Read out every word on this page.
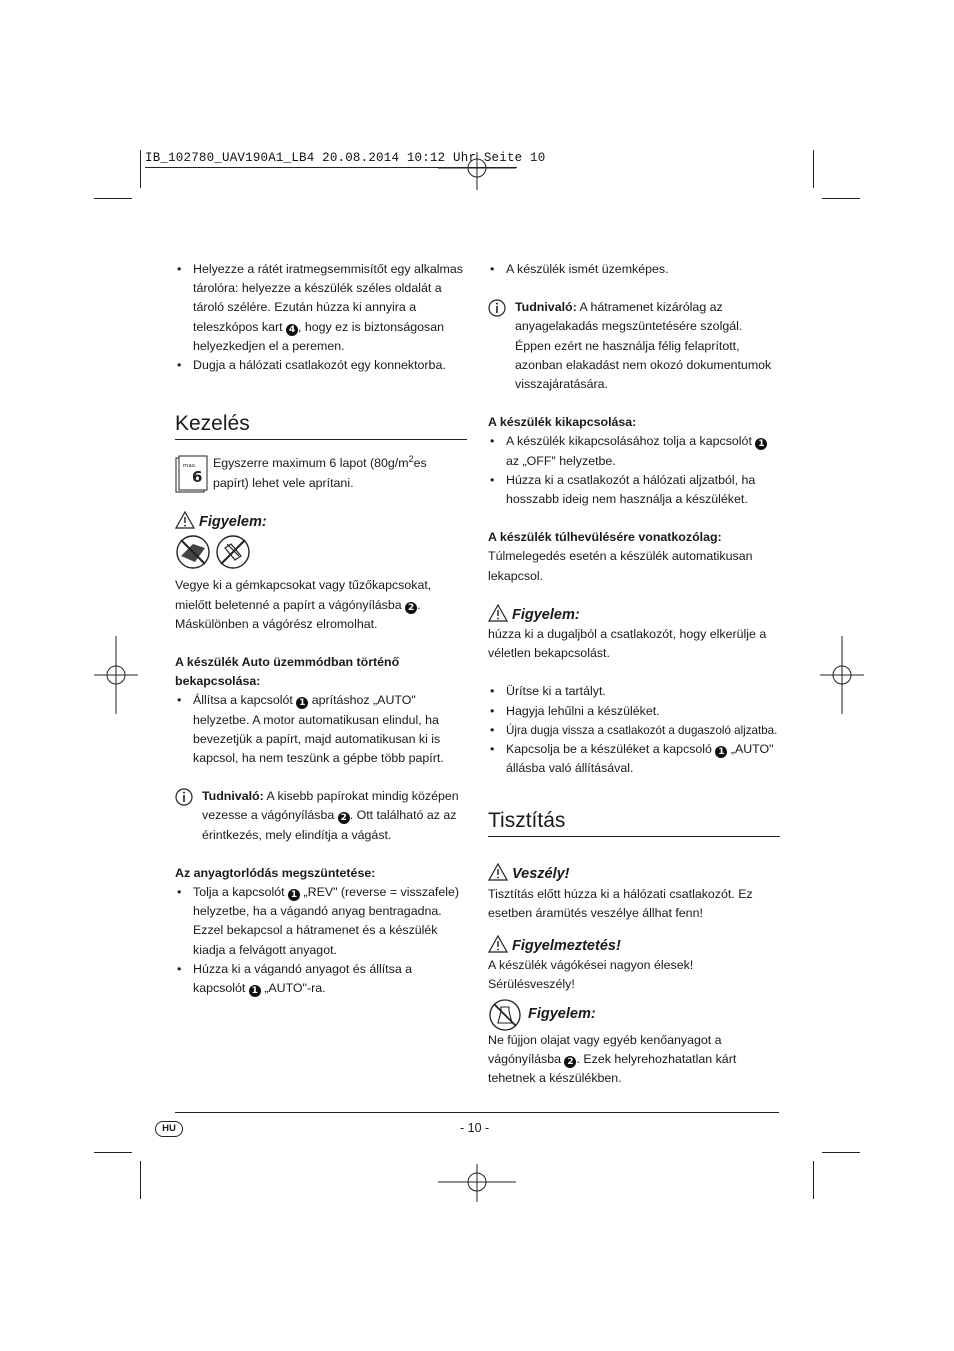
IB_102780_UAV190A1_LB4 20.08.2014 10:12 Uhr Seite 10
• Helyezze a rátét iratmegsemmisítőt egy alkalmas tárolóra: helyezze a készülék széles oldalát a tároló szélére. Ezután húzza ki annyira a teleszkópos kart 4 , hogy ez is biztonságosan helyezkedjen el a peremen.
• Dugja a hálózati csatlakozót egy konnektorba.
Kezelés
max.
6
Egyszerre maximum 6 lapot ($80g/m^2es$ papírt) lehet vele aprítani.
Figyelem:
Vegye ki a gémkapcsokat vagy tűzőkapcsokat, mielőtt beletenné a papírt a vágónyílásba 2 . Máskülönben a vágórész elromolhat.
A készülék Auto üzemmódban történő bekapcsolása:
• Állítsa a kapcsolót 1 aprításhoz „AUTO" helyzetbe. A motor automatikusan elindul, ha bevezetjük a papírt, majd automatikusan ki is kapcsol, ha nem teszünk a gépbe több papírt.
Tudnivaló: A kisebb papírokat mindig középen vezesse a vágónyílásba 2 . Ott található az az érintkezés, mely elindítja a vágást.
Az anyagtorlódás megszüntetése:
• Tolja a kapcsolót 1 „REV" (reverse = visszafele) helyzetbe, ha a vágandó anyag bentragadna. Ezzel bekapcsol a hátramenet és a készülék kiadja a felvágott anyagot.
• Húzza ki a vágandó anyagot és állítsa a kapcsolót 1 „AUTO"-ra.
• A készülék ismét üzemképes.
Tudnivaló: A hátramenet kizárólag az anyagelakadás megszüntetésére szolgál. Éppen ezért ne használja félig felaprított, azonban elakadást nem okozó dokumentumok visszajáratására.
A készülék kikapcsolása:
• A készülék kikapcsolásához tolja a kapcsolót 1 az „OFF" helyzetbe.
• Húzza ki a csatlakozót a hálózati aljzatból, ha hosszabb ideig nem használja a készüléket.
A készülék túlhevülésére vonatkozólag:
Túlmelegedés esetén a készülék automatikusan lekapcsol.
Figyelem:
húzza ki a dugaljból a csatlakozót, hogy elkerülje a véletlen bekapcsolást.
• Ürítse ki a tartályt.
• Hagyja lehűlni a készüléket.
• Újra dugja vissza a csatlakozót a dugaszoló aljzatba.
• Kapcsolja be a készüléket a kapcsoló 1 „AUTO" állásba való állításával.
Tisztítás
Veszély!
Tisztítás előtt húzza ki a hálózati csatlakozót. Ez esetben áramütés veszélye állhat fenn!
Figyelmeztetés!
A készülék vágókései nagyon élesek! Sérülésveszély!
Figyelem:
Ne fújjon olajat vagy egyéb kenőanyagot a vágónyílásba 2 . Ezek helyrehozhatatlan kárt tehetnek a készülékben.
HU	- 10 -
